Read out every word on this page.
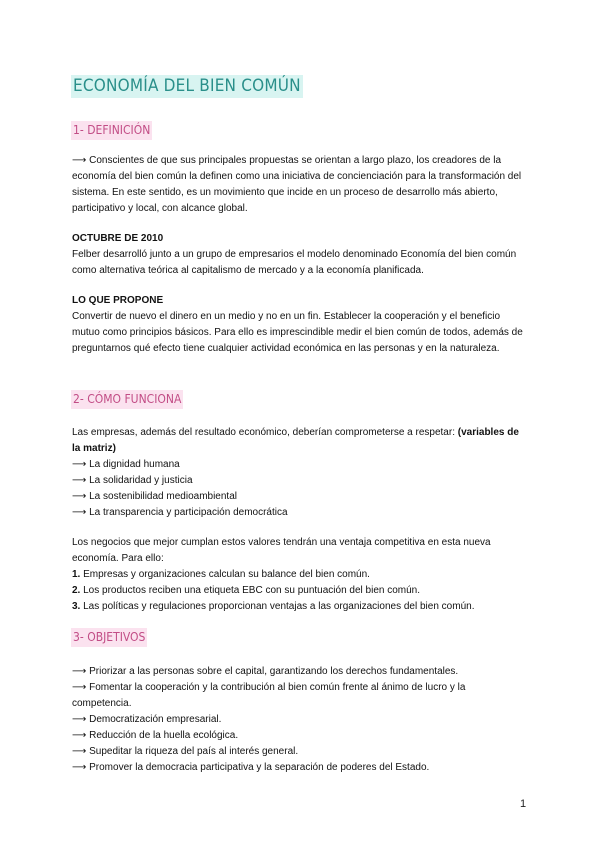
ECONOMÍA DEL BIEN COMÚN
1- DEFINICIÓN

⟶ Conscientes de que sus principales propuestas se orientan a largo plazo, los creadores de la economía del bien común la definen como una iniciativa de concienciación para la transformación del sistema. En este sentido, es un movimiento que incide en un proceso de desarrollo más abierto, participativo y local, con alcance global.

OCTUBRE DE 2010

Felber desarrolló junto a un grupo de empresarios el modelo denominado Economía del bien común como alternativa teórica al capitalismo de mercado y a la economía planificada.

LO QUE PROPONE

Convertir de nuevo el dinero en un medio y no en un fin. Establecer la cooperación y el beneficio mutuo como principios básicos. Para ello es imprescindible medir el bien común de todos, además de preguntarnos qué efecto tiene cualquier actividad económica en las personas y en la naturaleza.

2- CÓMO FUNCIONA

Las empresas, además del resultado económico, deberían comprometerse a respetar: (variables de la matriz)

⟶ La dignidad humana

⟶ La solidaridad y justicia

⟶ La sostenibilidad medioambiental

⟶ La transparencia y participación democrática

Los negocios que mejor cumplan estos valores tendrán una ventaja competitiva en esta nueva economía. Para ello:

1. Empresas y organizaciones calculan su balance del bien común.

2. Los productos reciben una etiqueta EBC con su puntuación del bien común.

3. Las políticas y regulaciones proporcionan ventajas a las organizaciones del bien común.

3- OBJETIVOS

⟶ Priorizar a las personas sobre el capital, garantizando los derechos fundamentales.

⟶ Fomentar la cooperación y la contribución al bien común frente al ánimo de lucro y la competencia.

⟶ Democratización empresarial.

⟶ Reducción de la huella ecológica.

⟶ Supeditar la riqueza del país al interés general.

⟶ Promover la democracia participativa y la separación de poderes del Estado.

1
